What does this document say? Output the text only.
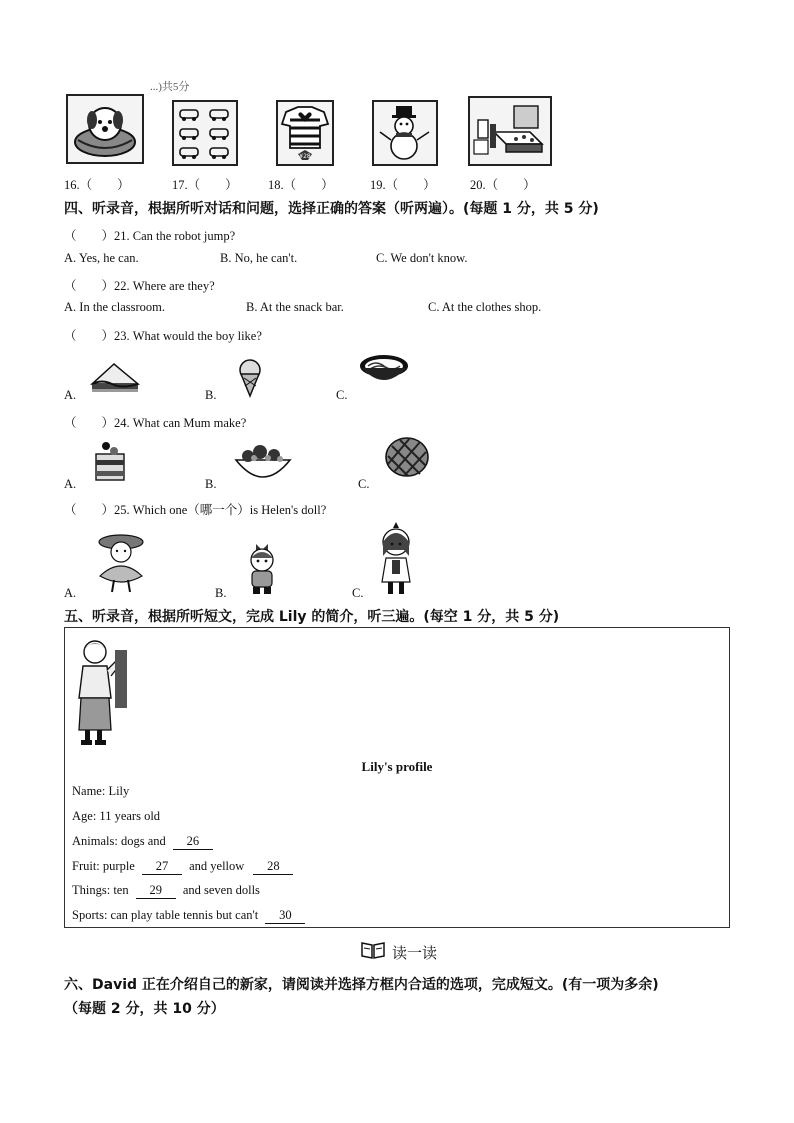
...)共5分
¥28
16.（　　）	17.（　　） 18.（　　）	19.（　　）	20.（　　）
四、听录音，根据所听对话和问题，选择正确的答案（听两遍）。(每题 1 分，共 5 分)
（　　）21. Can the robot jump?
A. Yes, he can.	B. No, he can't.	C. We don't know.
（　　）22. Where are they?
A. In the classroom.	B. At the snack bar.	C. At the clothes shop.
（　　）23. What would the boy like?
A.	B.	C.
（　　）24. What can Mum make?
A.	B.	C.
（　　）25. Which one（哪一个）is Helen's doll?
A.	B.	C.
五、听录音，根据所听短文，完成 Lily 的简介，听三遍。(每空 1 分，共 5 分)
Lily's profile
Name: Lily
Age: 11 years old
Animals: dogs and 26
Fruit: purple 27 and yellow 28
Things: ten 29 and seven dolls
Sports: can play table tennis but can't 30
读一读
六、David 正在介绍自己的新家，请阅读并选择方框内合适的选项，完成短文。(有一项为多余)
（每题 2 分，共 10 分）
